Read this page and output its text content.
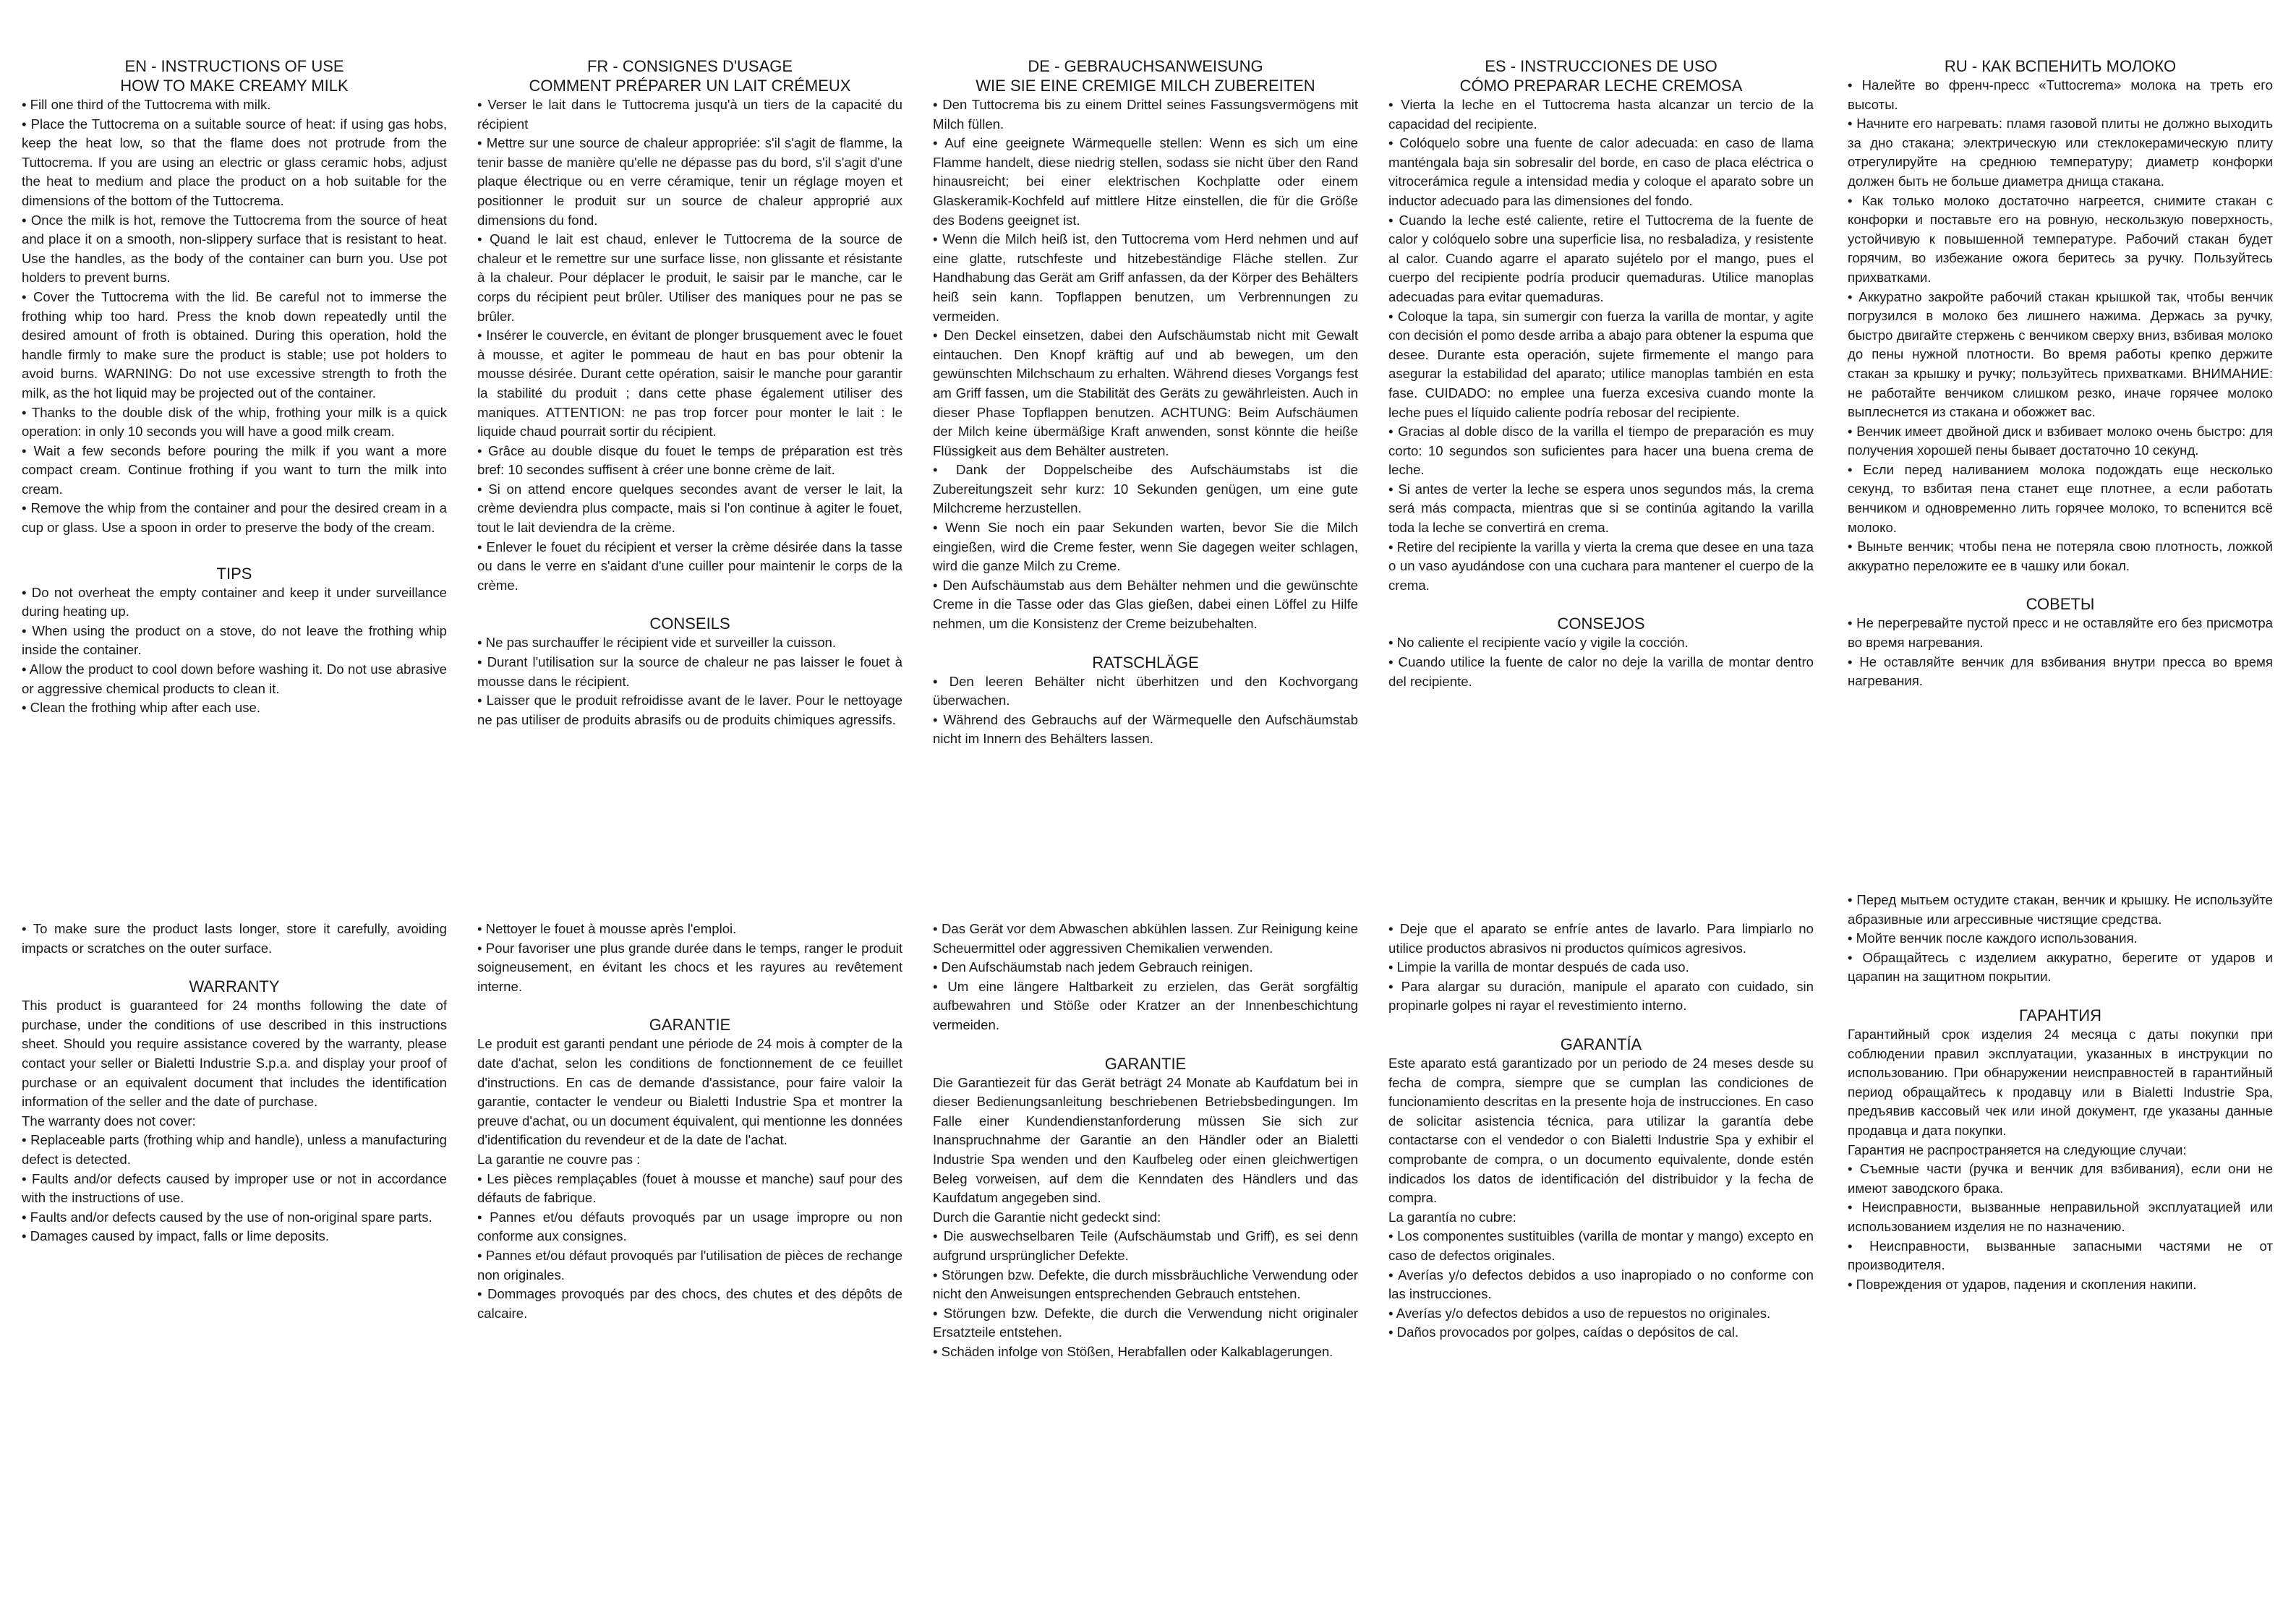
EN - INSTRUCTIONS OF USE
HOW TO MAKE CREAMY MILK

• Fill one third of the Tuttocrema with milk.

• Place the Tuttocrema on a suitable source of heat: if using gas hobs, keep the heat low, so that the flame does not protrude from the Tuttocrema. If you are using an electric or glass ceramic hobs, adjust the heat to medium and place the product on a hob suitable for the dimensions of the bottom of the Tuttocrema.

• Once the milk is hot, remove the Tuttocrema from the source of heat and place it on a smooth, non-slippery surface that is resistant to heat. Use the handles, as the body of the container can burn you. Use pot holders to prevent burns.

• Cover the Tuttocrema with the lid. Be careful not to immerse the frothing whip too hard. Press the knob down repeatedly until the desired amount of froth is obtained. During this operation, hold the handle firmly to make sure the product is stable; use pot holders to avoid burns. WARNING: Do not use excessive strength to froth the milk, as the hot liquid may be projected out of the container.

• Thanks to the double disk of the whip, frothing your milk is a quick operation: in only 10 seconds you will have a good milk cream.

• Wait a few seconds before pouring the milk if you want a more compact cream. Continue frothing if you want to turn the milk into cream.

• Remove the whip from the container and pour the desired cream in a cup or glass. Use a spoon in order to preserve the body of the cream.

TIPS

• Do not overheat the empty container and keep it under surveillance during heating up.

• When using the product on a stove, do not leave the frothing whip inside the container.

• Allow the product to cool down before washing it. Do not use abrasive or aggressive chemical products to clean it.

• Clean the frothing whip after each use.

• To make sure the product lasts longer, store it carefully, avoiding impacts or scratches on the outer surface.

WARRANTY

This product is guaranteed for 24 months following the date of purchase, under the conditions of use described in this instructions sheet. Should you require assistance covered by the warranty, please contact your seller or Bialetti Industrie S.p.a. and display your proof of purchase or an equivalent document that includes the identification information of the seller and the date of purchase.

The warranty does not cover:

• Replaceable parts (frothing whip and handle), unless a manufacturing defect is detected.

• Faults and/or defects caused by improper use or not in accordance with the instructions of use.

• Faults and/or defects caused by the use of non-original spare parts.

• Damages caused by impact, falls or lime deposits.

FR - CONSIGNES D'USAGE
COMMENT PRÉPARER UN LAIT CRÉMEUX

• Verser le lait dans le Tuttocrema jusqu'à un tiers de la capacité du récipient

• Mettre sur une source de chaleur appropriée: s'il s'agit de flamme, la tenir basse de manière qu'elle ne dépasse pas du bord, s'il s'agit d'une plaque électrique ou en verre céramique, tenir un réglage moyen et positionner le produit sur un source de chaleur approprié aux dimensions du fond.

• Quand le lait est chaud, enlever le Tuttocrema de la source de chaleur et le remettre sur une surface lisse, non glissante et résistante à la chaleur. Pour déplacer le produit, le saisir par le manche, car le corps du récipient peut brûler. Utiliser des maniques pour ne pas se brûler.

• Insérer le couvercle, en évitant de plonger brusquement avec le fouet à mousse, et agiter le pommeau de haut en bas pour obtenir la mousse désirée. Durant cette opération, saisir le manche pour garantir la stabilité du produit ; dans cette phase également utiliser des maniques. ATTENTION: ne pas trop forcer pour monter le lait : le liquide chaud pourrait sortir du récipient.

• Grâce au double disque du fouet le temps de préparation est très bref: 10 secondes suffisent à créer une bonne crème de lait.

• Si on attend encore quelques secondes avant de verser le lait, la crème deviendra plus compacte, mais si l'on continue à agiter le fouet, tout le lait deviendra de la crème.

• Enlever le fouet du récipient et verser la crème désirée dans la tasse ou dans le verre en s'aidant d'une cuiller pour maintenir le corps de la crème.

CONSEILS

• Ne pas surchauffer le récipient vide et surveiller la cuisson.

• Durant l'utilisation sur la source de chaleur ne pas laisser le fouet à mousse dans le récipient.

• Laisser que le produit refroidisse avant de le laver. Pour le nettoyage ne pas utiliser de produits abrasifs ou de produits chimiques agressifs.

• Nettoyer le fouet à mousse après l'emploi.

• Pour favoriser une plus grande durée dans le temps, ranger le produit soigneusement, en évitant les chocs et les rayures au revêtement interne.

GARANTIE

Le produit est garanti pendant une période de 24 mois à compter de la date d'achat, selon les conditions de fonctionnement de ce feuillet d'instructions. En cas de demande d'assistance, pour faire valoir la garantie, contacter le vendeur ou Bialetti Industrie Spa et montrer la preuve d'achat, ou un document équivalent, qui mentionne les données d'identification du revendeur et de la date de l'achat.

La garantie ne couvre pas :

• Les pièces remplaçables (fouet à mousse et manche) sauf pour des défauts de fabrique.

• Pannes et/ou défauts provoqués par un usage impropre ou non conforme aux consignes.

• Pannes et/ou défaut provoqués par l'utilisation de pièces de rechange non originales.

• Dommages provoqués par des chocs, des chutes et des dépôts de calcaire.

DE - GEBRAUCHSANWEISUNG
WIE SIE EINE CREMIGE MILCH ZUBEREITEN

• Den Tuttocrema bis zu einem Drittel seines Fassungsvermögens mit Milch füllen.

• Auf eine geeignete Wärmequelle stellen: Wenn es sich um eine Flamme handelt, diese niedrig stellen, sodass sie nicht über den Rand hinausreicht; bei einer elektrischen Kochplatte oder einem Glaskeramik-Kochfeld auf mittlere Hitze einstellen, die für die Größe des Bodens geeignet ist.

• Wenn die Milch heiß ist, den Tuttocrema vom Herd nehmen und auf eine glatte, rutschfeste und hitzebeständige Fläche stellen. Zur Handhabung das Gerät am Griff anfassen, da der Körper des Behälters heiß sein kann. Topflappen benutzen, um Verbrennungen zu vermeiden.

• Den Deckel einsetzen, dabei den Aufschäumstab nicht mit Gewalt eintauchen. Den Knopf kräftig auf und ab bewegen, um den gewünschten Milchschaum zu erhalten. Während dieses Vorgangs fest am Griff fassen, um die Stabilität des Geräts zu gewährleisten. Auch in dieser Phase Topflappen benutzen. ACHTUNG: Beim Aufschäumen der Milch keine übermäßige Kraft anwenden, sonst könnte die heiße Flüssigkeit aus dem Behälter austreten.

• Dank der Doppelscheibe des Aufschäumstabs ist die Zubereitungszeit sehr kurz: 10 Sekunden genügen, um eine gute Milchcreme herzustellen.

• Wenn Sie noch ein paar Sekunden warten, bevor Sie die Milch eingießen, wird die Creme fester, wenn Sie dagegen weiter schlagen, wird die ganze Milch zu Creme.

• Den Aufschäumstab aus dem Behälter nehmen und die gewünschte Creme in die Tasse oder das Glas gießen, dabei einen Löffel zu Hilfe nehmen, um die Konsistenz der Creme beizubehalten.

RATSCHLÄGE

• Den leeren Behälter nicht überhitzen und den Kochvorgang überwachen.

• Während des Gebrauchs auf der Wärmequelle den Aufschäumstab nicht im Innern des Behälters lassen.

• Das Gerät vor dem Abwaschen abkühlen lassen. Zur Reinigung keine Scheuermittel oder aggressiven Chemikalien verwenden.

• Den Aufschäumstab nach jedem Gebrauch reinigen.

• Um eine längere Haltbarkeit zu erzielen, das Gerät sorgfältig aufbewahren und Stöße oder Kratzer an der Innenbeschichtung vermeiden.

GARANTIE

Die Garantiezeit für das Gerät beträgt 24 Monate ab Kaufdatum bei in dieser Bedienungsanleitung beschriebenen Betriebsbedingungen. Im Falle einer Kundendienstanforderung müssen Sie sich zur Inanspruchnahme der Garantie an den Händler oder an Bialetti Industrie Spa wenden und den Kaufbeleg oder einen gleichwertigen Beleg vorweisen, auf dem die Kenndaten des Händlers und das Kaufdatum angegeben sind.

Durch die Garantie nicht gedeckt sind:

• Die auswechselbaren Teile (Aufschäumstab und Griff), es sei denn aufgrund ursprünglicher Defekte.

• Störungen bzw. Defekte, die durch missbräuchliche Verwendung oder nicht den Anweisungen entsprechenden Gebrauch entstehen.

• Störungen bzw. Defekte, die durch die Verwendung nicht originaler Ersatzteile entstehen.

• Schäden infolge von Stößen, Herabfallen oder Kalkablagerungen.

ES - INSTRUCCIONES DE USO
CÓMO PREPARAR LECHE CREMOSA

• Vierta la leche en el Tuttocrema hasta alcanzar un tercio de la capacidad del recipiente.

• Colóquelo sobre una fuente de calor adecuada: en caso de llama manténgala baja sin sobresalir del borde, en caso de placa eléctrica o vitrocerámica regule a intensidad media y coloque el aparato sobre un inductor adecuado para las dimensiones del fondo.

• Cuando la leche esté caliente, retire el Tuttocrema de la fuente de calor y colóquelo sobre una superficie lisa, no resbaladiza, y resistente al calor. Cuando agarre el aparato sujételo por el mango, pues el cuerpo del recipiente podría producir quemaduras. Utilice manoplas adecuadas para evitar quemaduras.

• Coloque la tapa, sin sumergir con fuerza la varilla de montar, y agite con decisión el pomo desde arriba a abajo para obtener la espuma que desee. Durante esta operación, sujete firmemente el mango para asegurar la estabilidad del aparato; utilice manoplas también en esta fase. CUIDADO: no emplee una fuerza excesiva cuando monte la leche pues el líquido caliente podría rebosar del recipiente.

• Gracias al doble disco de la varilla el tiempo de preparación es muy corto: 10 segundos son suficientes para hacer una buena crema de leche.

• Si antes de verter la leche se espera unos segundos más, la crema será más compacta, mientras que si se continúa agitando la varilla toda la leche se convertirá en crema.

• Retire del recipiente la varilla y vierta la crema que desee en una taza o un vaso ayudándose con una cuchara para mantener el cuerpo de la crema.

CONSEJOS

• No caliente el recipiente vacío y vigile la cocción.

• Cuando utilice la fuente de calor no deje la varilla de montar dentro del recipiente.

• Deje que el aparato se enfríe antes de lavarlo. Para limpiarlo no utilice productos abrasivos ni productos químicos agresivos.

• Limpie la varilla de montar después de cada uso.

• Para alargar su duración, manipule el aparato con cuidado, sin propinarle golpes ni rayar el revestimiento interno.

GARANTÍA

Este aparato está garantizado por un periodo de 24 meses desde su fecha de compra, siempre que se cumplan las condiciones de funcionamiento descritas en la presente hoja de instrucciones. En caso de solicitar asistencia técnica, para utilizar la garantía debe contactarse con el vendedor o con Bialetti Industrie Spa y exhibir el comprobante de compra, o un documento equivalente, donde estén indicados los datos de identificación del distribuidor y la fecha de compra.

La garantía no cubre:

• Los componentes sustituibles (varilla de montar y mango) excepto en caso de defectos originales.

• Averías y/o defectos debidos a uso inapropiado o no conforme con las instrucciones.

• Averías y/o defectos debidos a uso de repuestos no originales.

• Daños provocados por golpes, caídas o depósitos de cal.

RU - КАК ВСПЕНИТЬ МОЛОКО

• Налейте во френч-пресс «Tuttocrema» молока на треть его высоты.

• Начните его нагревать: пламя газовой плиты не должно выходить за дно стакана; электрическую или стеклокерамическую плиту отрегулируйте на среднюю температуру; диаметр конфорки должен быть не больше диаметра днища стакана.

• Как только молоко достаточно нагреется, снимите стакан с конфорки и поставьте его на ровную, нескользкую поверхность, устойчивую к повышенной температуре. Рабочий стакан будет горячим, во избежание ожога беритесь за ручку. Пользуйтесь прихватками.

• Аккуратно закройте рабочий стакан крышкой так, чтобы венчик погрузился в молоко без лишнего нажима. Держась за ручку, быстро двигайте стержень с венчиком сверху вниз, взбивая молоко до пены нужной плотности. Во время работы крепко держите стакан за крышку и ручку; пользуйтесь прихватками. ВНИМАНИЕ: не работайте венчиком слишком резко, иначе горячее молоко выплеснется из стакана и обожжет вас.

• Венчик имеет двойной диск и взбивает молоко очень быстро: для получения хорошей пены бывает достаточно 10 секунд.

• Если перед наливанием молока подождать еще несколько секунд, то взбитая пена станет еще плотнее, а если работать венчиком и одновременно лить горячее молоко, то вспенится всё молоко.

• Выньте венчик; чтобы пена не потеряла свою плотность, ложкой аккуратно переложите ее в чашку или бокал.

СОВЕТЫ

• Не перегревайте пустой пресс и не оставляйте его без присмотра во время нагревания.

• Не оставляйте венчик для взбивания внутри пресса во время нагревания.

• Перед мытьем остудите стакан, венчик и крышку. Не используйте абразивные или агрессивные чистящие средства.

• Мойте венчик после каждого использования.

• Обращайтесь с изделием аккуратно, берегите от ударов и царапин на защитном покрытии.

ГАРАНТИЯ

Гарантийный срок изделия 24 месяца с даты покупки при соблюдении правил эксплуатации, указанных в инструкции по использованию. При обнаружении неисправностей в гарантийный период обращайтесь к продавцу или в Bialetti Industrie Spa, предъявив кассовый чек или иной документ, где указаны данные продавца и дата покупки.

Гарантия не распространяется на следующие случаи:

• Съемные части (ручка и венчик для взбивания), если они не имеют заводского брака.

• Неисправности, вызванные неправильной эксплуатацией или использованием изделия не по назначению.

• Неисправности, вызванные запасными частями не от производителя.

• Повреждения от ударов, падения и скопления накипи.
